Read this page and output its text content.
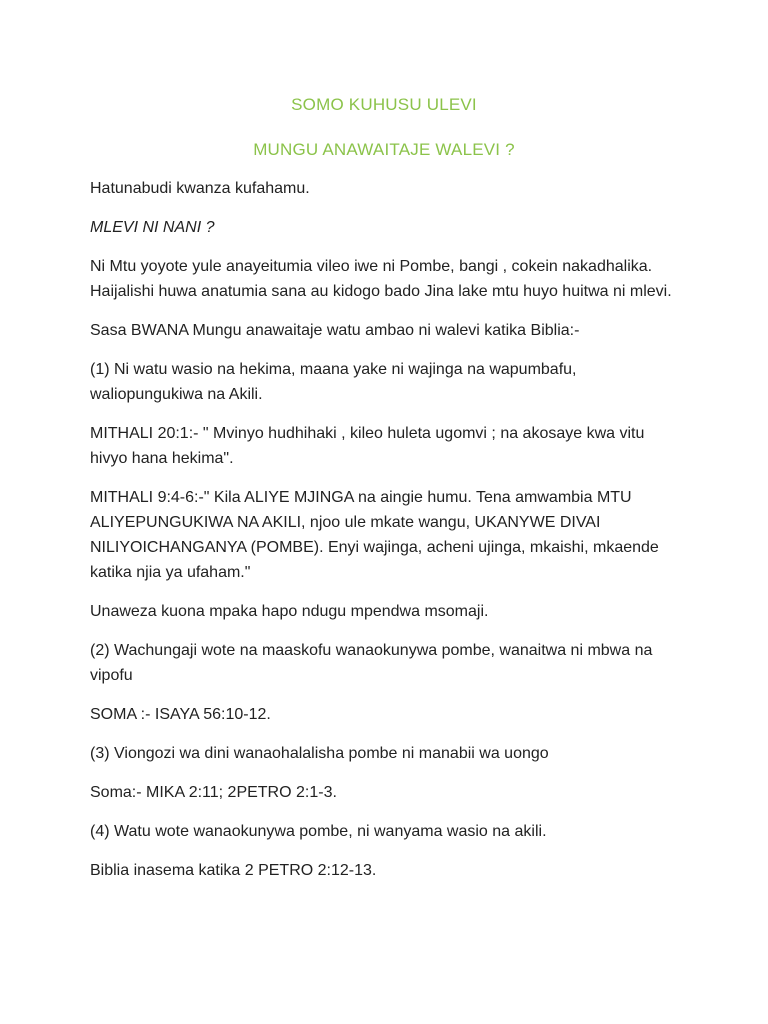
SOMO KUHUSU ULEVI
MUNGU ANAWAITAJE WALEVI ?

Hatunabudi kwanza kufahamu.

MLEVI NI NANI ?

Ni Mtu yoyote yule anayeitumia vileo iwe ni Pombe, bangi , cokein nakadhalika. Haijalishi huwa anatumia sana au kidogo bado Jina lake mtu huyo huitwa ni mlevi.

Sasa BWANA Mungu anawaitaje watu ambao ni walevi katika Biblia:-

(1) Ni watu wasio na hekima, maana yake ni wajinga na wapumbafu, waliopungukiwa na Akili.

MITHALI 20:1:- " Mvinyo hudhihaki , kileo huleta ugomvi ; na akosaye kwa vitu hivyo hana hekima".

MITHALI 9:4-6:-" Kila ALIYE MJINGA na aingie humu. Tena amwambia MTU ALIYEPUNGUKIWA NA AKILI, njoo ule mkate wangu, UKANYWE DIVAI NILIYOICHANGANYA (POMBE). Enyi wajinga, acheni ujinga, mkaishi, mkaende katika njia ya ufaham."

Unaweza kuona mpaka hapo ndugu mpendwa msomaji.

(2) Wachungaji wote na maaskofu wanaokunywa pombe, wanaitwa ni mbwa na vipofu

SOMA :- ISAYA 56:10-12.

(3) Viongozi wa dini wanaohalalisha pombe ni manabii wa uongo

Soma:- MIKA 2:11; 2PETRO 2:1-3.

(4) Watu wote wanaokunywa pombe, ni wanyama wasio na akili.

Biblia inasema katika 2 PETRO 2:12-13.
